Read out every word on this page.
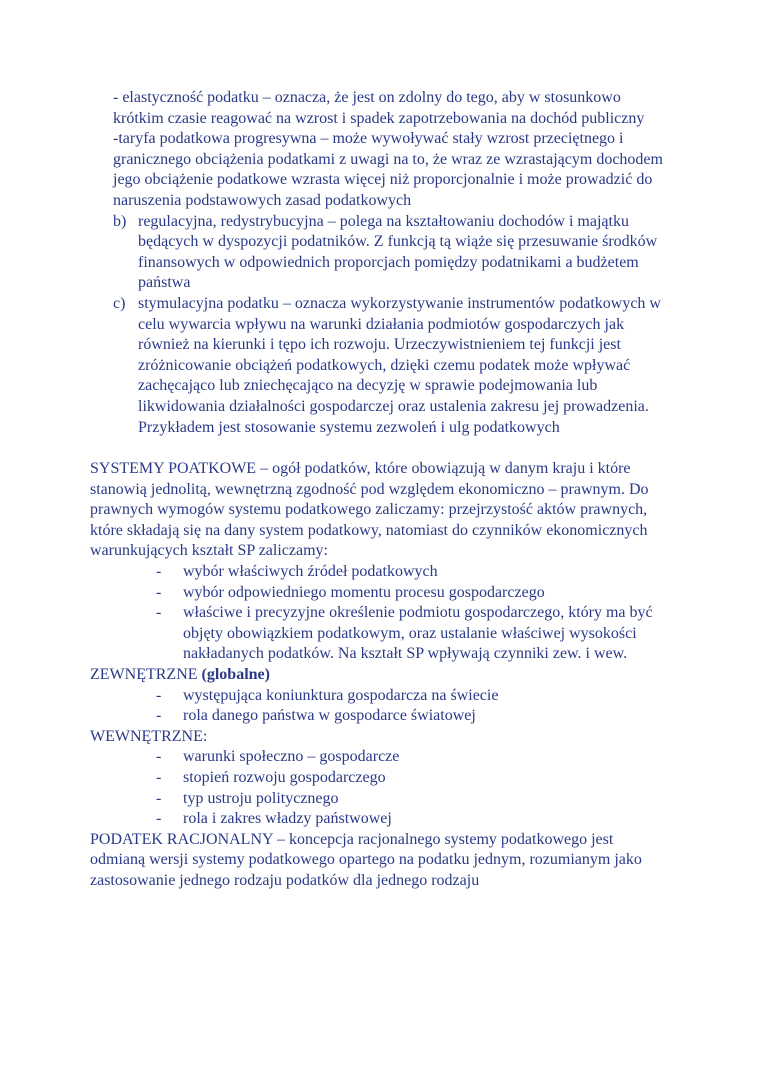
- elastyczność podatku – oznacza, że jest on zdolny do tego, aby w stosunkowo krótkim czasie reagować na wzrost i spadek zapotrzebowania na dochód publiczny

-taryfa podatkowa progresywna – może wywoływać stały wzrost przeciętnego i granicznego obciążenia podatkami z uwagi na to, że wraz ze wzrastającym dochodem jego obciążenie podatkowe wzrasta więcej niż proporcjonalnie i może prowadzić do naruszenia podstawowych zasad podatkowych

b) regulacyjna, redystrybucyjna – polega na kształtowaniu dochodów i majątku będących w dyspozycji podatników. Z funkcją tą wiąże się przesuwanie środków finansowych w odpowiednich proporcjach pomiędzy podatnikami a budżetem państwa
c) stymulacyjna podatku – oznacza wykorzystywanie instrumentów podatkowych w celu wywarcia wpływu na warunki działania podmiotów gospodarczych jak również na kierunki i tępo ich rozwoju. Urzeczywistnieniem tej funkcji jest zróżnicowanie obciążeń podatkowych, dzięki czemu podatek może wpływać zachęcająco lub zniechęcająco na decyzję w sprawie podejmowania lub likwidowania działalności gospodarczej oraz ustalenia zakresu jej prowadzenia. Przykładem jest stosowanie systemu zezwoleń i ulg podatkowych

SYSTEMY POATKOWE – ogół podatków, które obowiązują w danym kraju i które stanowią jednolitą, wewnętrzną zgodność pod względem ekonomiczno – prawnym. Do prawnych wymogów systemu podatkowego zaliczamy: przejrzystość aktów prawnych, które składają się na dany system podatkowy, natomiast do czynników ekonomicznych warunkujących kształt SP zaliczamy:

-	wybór właściwych źródeł podatkowych
-	wybór odpowiedniego momentu procesu gospodarczego
-	właściwe i precyzyjne określenie podmiotu gospodarczego, który ma być objęty obowiązkiem podatkowym, oraz ustalanie właściwej wysokości nakładanych podatków. Na kształt SP wpływają czynniki zew. i wew.

ZEWNĘTRZNE (globalne)

-	występująca koniunktura gospodarcza na świecie
-	rola danego państwa w gospodarce światowej

WEWNĘTRZNE:

-	warunki społeczno – gospodarcze
-	stopień rozwoju gospodarczego
-	typ ustroju politycznego
-	rola i zakres władzy państwowej

PODATEK RACJONALNY – koncepcja racjonalnego systemy podatkowego jest odmianą wersji systemy podatkowego opartego na podatku jednym, rozumianym jako zastosowanie jednego rodzaju podatków dla jednego rodzaju
